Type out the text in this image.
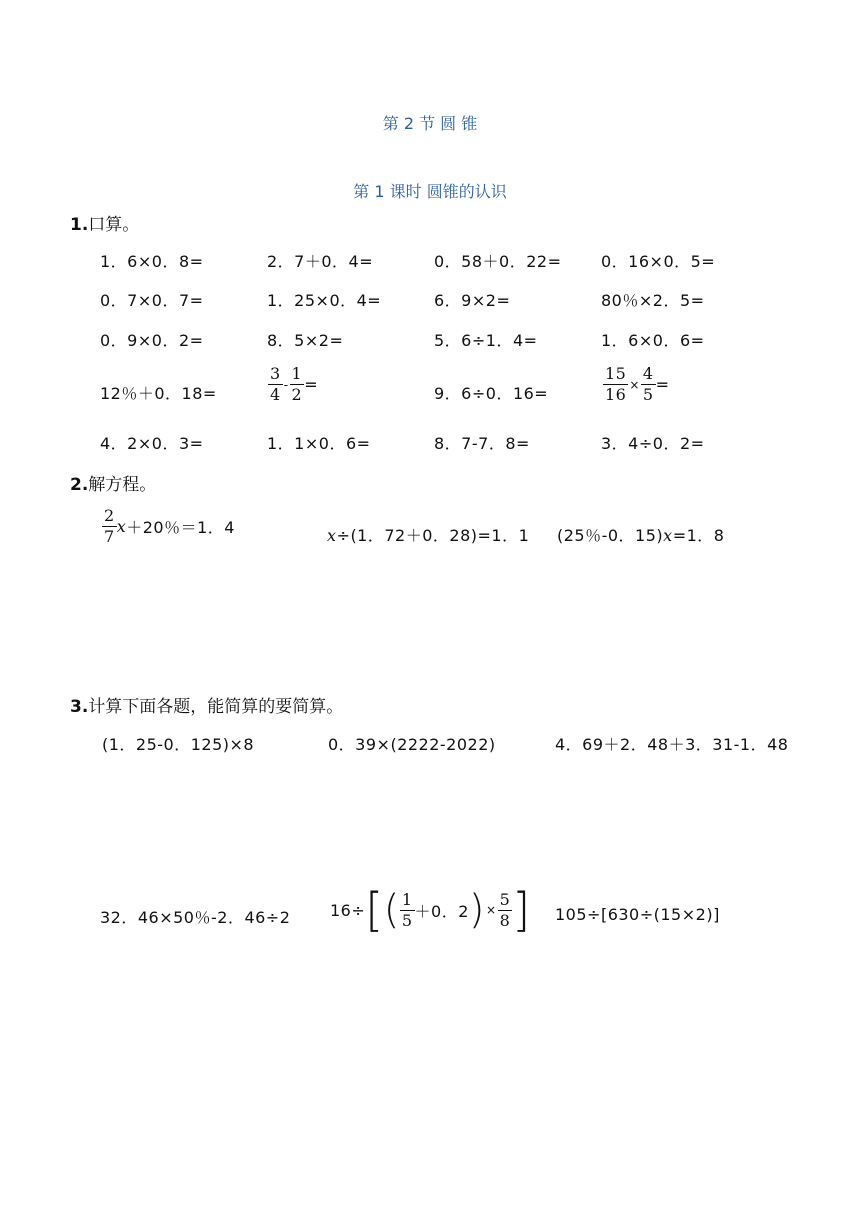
第 2 节 圆 锥
第 1 课时 圆锥的认识
1.口算。
1．6×0．8=	2．7＋0．4=	0．58＋0．22= 0．16×0．5=
0．7×0．7=	1．25×0．4=	6．9×2=	80％×2．5=
0．9×0．2=	8．5×2=	5．6÷1．4=	1．6×0．6=
12％＋0．18=	$\frac{3}{4} - \frac{1}{2}$ =	9．6÷0．16=	$\frac{15}{16} \times \frac{4}{5}$ =
4．2×0．3=	1．1×0．6=	8．7-7．8=	3．4÷0．2=
2.解方程。
$\frac{2}{7}$ x ＋20％＝1．4	x÷(1．72＋0．28)=1．1 (25％-0．15)x=1．8
3.计算下面各题，能简算的要简算。
(1．25-0．125)×8	0．39×(2222-2022)	4．69＋2．48＋3．31-1．48
32．46×50％-2．46÷2 16÷ [ ( $\frac{1}{5} +0$．2 ) × $\frac{5}{8}$ ] 105÷[630÷(15×2)]
